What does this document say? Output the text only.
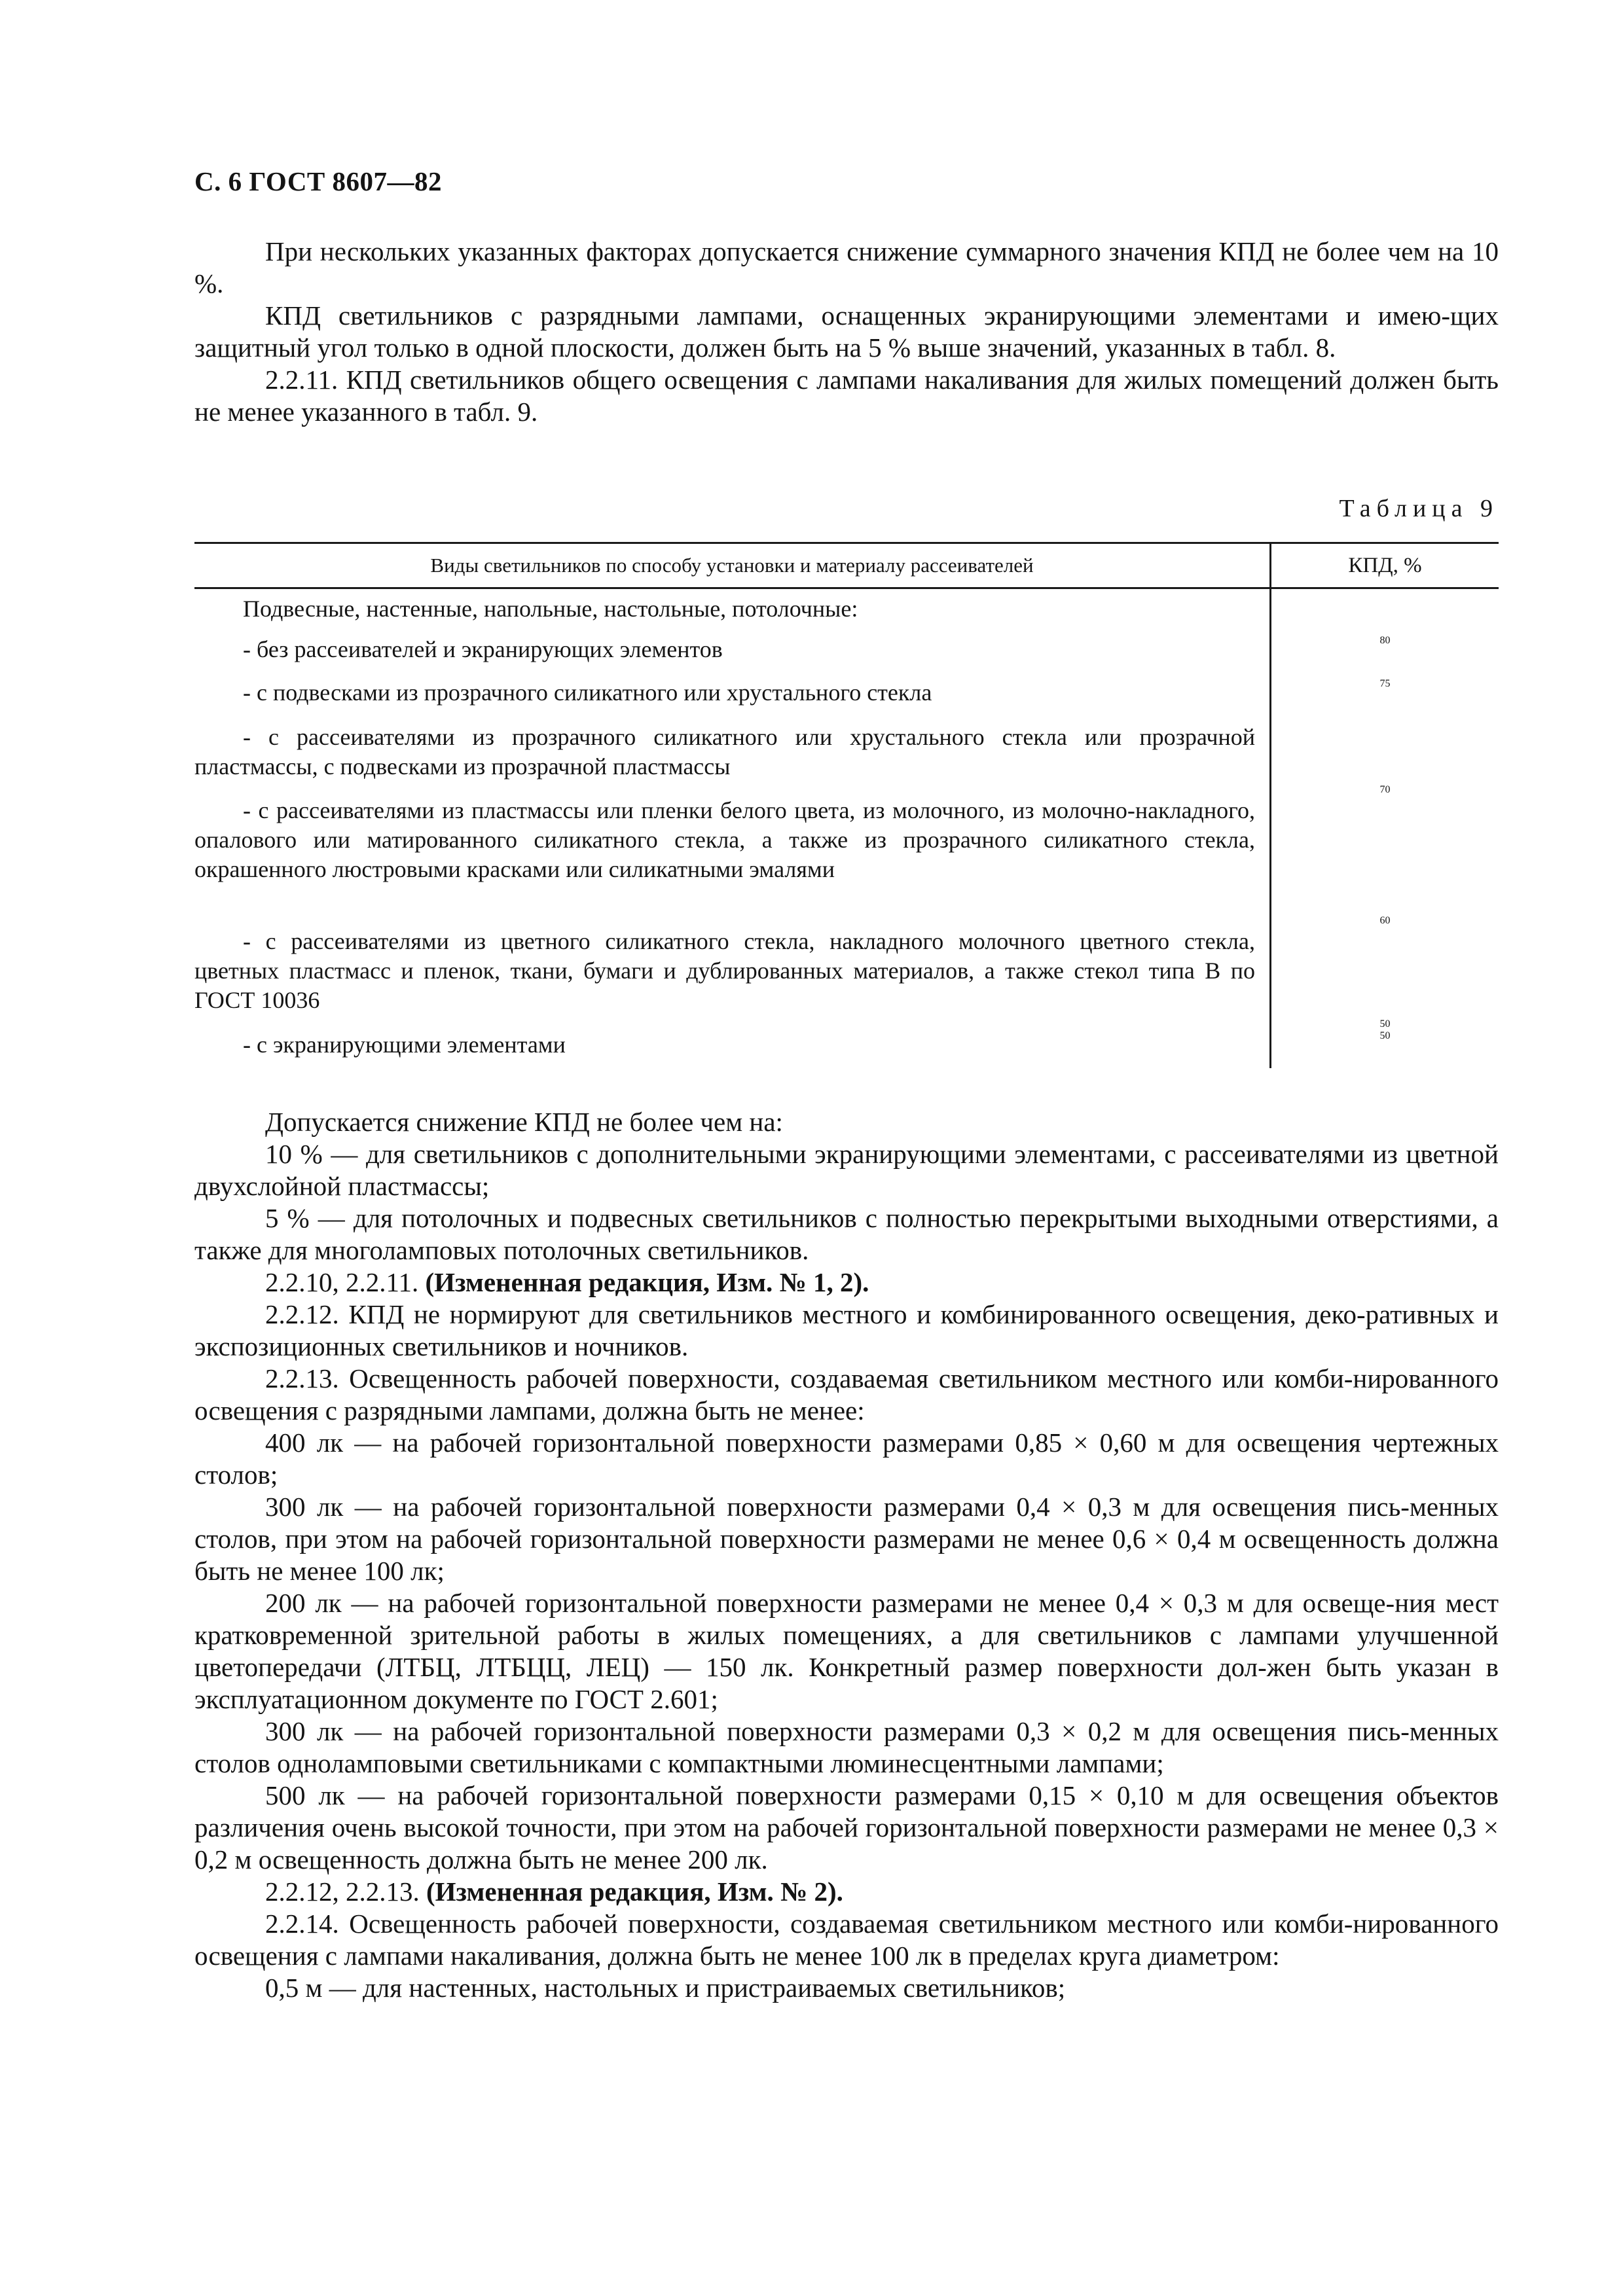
С. 6 ГОСТ 8607—82

При нескольких указанных факторах допускается снижение суммарного значения КПД не более чем на 10 %.

КПД светильников с разрядными лампами, оснащенных экранирующими элементами и имею-щих защитный угол только в одной плоскости, должен быть на 5 % выше значений, указанных в табл. 8.

2.2.11. КПД светильников общего освещения с лампами накаливания для жилых помещений должен быть не менее указанного в табл. 9.

Таблица 9
Виды светильников по способу установки и материалу рассеивателей	КПД, %
Подвесные, настенные, напольные, настольные, потолочные:
- без рассеивателей и экранирующих элементов
- с подвесками из прозрачного силикатного или хрустального стекла
- с рассеивателями из прозрачного силикатного или хрустального стекла или прозрачной пластмассы, с подвесками из прозрачной пластмассы
- с рассеивателями из пластмассы или пленки белого цвета, из молочного, из молочно-накладного, опалового или матированного силикатного стекла, а также из прозрачного силикатного стекла, окрашенного люстровыми красками или силикатными эмалями
- с рассеивателями из цветного силикатного стекла, накладного молочного цветного стекла, цветных пластмасс и пленок, ткани, бумаги и дублированных материалов, а также стекол типа В по ГОСТ 10036
- с экранирующими элементами
80
75
70
60
50
50

Допускается снижение КПД не более чем на:

10 % — для светильников с дополнительными экранирующими элементами, с рассеивателями из цветной двухслойной пластмассы;

5 % — для потолочных и подвесных светильников с полностью перекрытыми выходными отверстиями, а также для многоламповых потолочных светильников.

2.2.10, 2.2.11. (Измененная редакция, Изм. № 1, 2).

2.2.12. КПД не нормируют для светильников местного и комбинированного освещения, деко-ративных и экспозиционных светильников и ночников.

2.2.13. Освещенность рабочей поверхности, создаваемая светильником местного или комби-нированного освещения с разрядными лампами, должна быть не менее:

400 лк — на рабочей горизонтальной поверхности размерами 0,85 × 0,60 м для освещения чертежных столов;

300 лк — на рабочей горизонтальной поверхности размерами 0,4 × 0,3 м для освещения пись-менных столов, при этом на рабочей горизонтальной поверхности размерами не менее 0,6 × 0,4 м освещенность должна быть не менее 100 лк;

200 лк — на рабочей горизонтальной поверхности размерами не менее 0,4 × 0,3 м для освеще-ния мест кратковременной зрительной работы в жилых помещениях, а для светильников с лампами улучшенной цветопередачи (ЛТБЦ, ЛТБЦЦ, ЛЕЦ) — 150 лк. Конкретный размер поверхности дол-жен быть указан в эксплуатационном документе по ГОСТ 2.601;

300 лк — на рабочей горизонтальной поверхности размерами 0,3 × 0,2 м для освещения пись-менных столов одноламповыми светильниками с компактными люминесцентными лампами;

500 лк — на рабочей горизонтальной поверхности размерами 0,15 × 0,10 м для освещения объектов различения очень высокой точности, при этом на рабочей горизонтальной поверхности размерами не менее 0,3 × 0,2 м освещенность должна быть не менее 200 лк.

2.2.12, 2.2.13. (Измененная редакция, Изм. № 2).

2.2.14. Освещенность рабочей поверхности, создаваемая светильником местного или комби-нированного освещения с лампами накаливания, должна быть не менее 100 лк в пределах круга диаметром:

0,5 м — для настенных, настольных и пристраиваемых светильников;
